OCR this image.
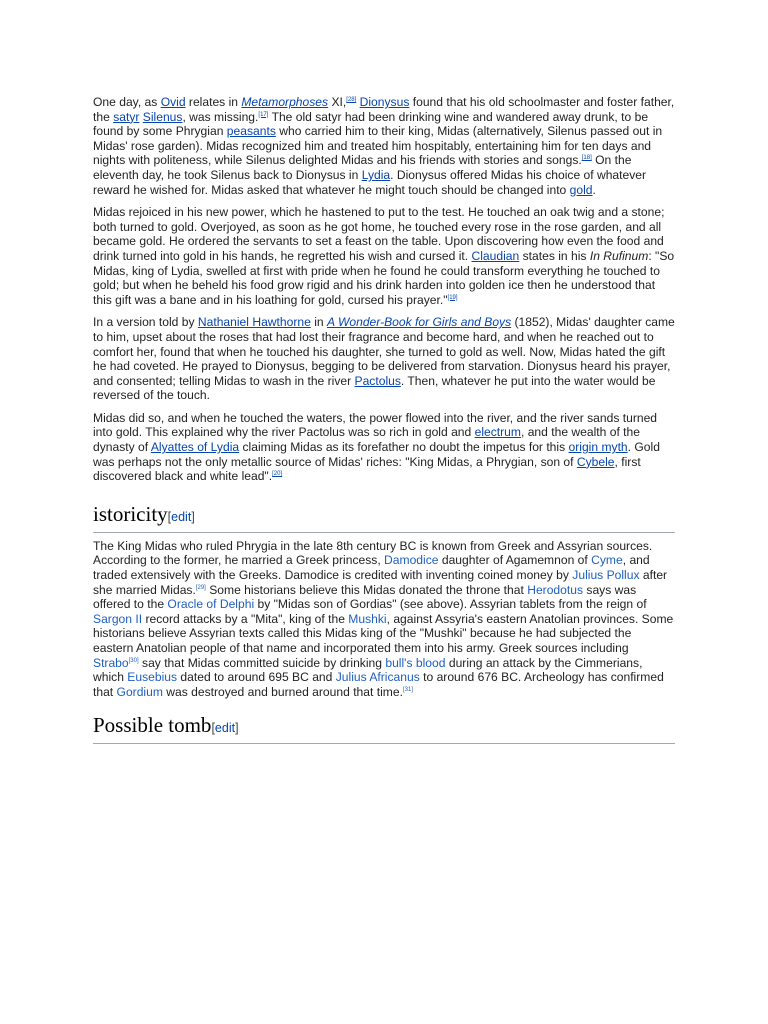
One day, as Ovid relates in Metamorphoses XI,[28] Dionysus found that his old schoolmaster and foster father, the satyr Silenus, was missing.[17] The old satyr had been drinking wine and wandered away drunk, to be found by some Phrygian peasants who carried him to their king, Midas (alternatively, Silenus passed out in Midas' rose garden). Midas recognized him and treated him hospitably, entertaining him for ten days and nights with politeness, while Silenus delighted Midas and his friends with stories and songs.[18] On the eleventh day, he took Silenus back to Dionysus in Lydia. Dionysus offered Midas his choice of whatever reward he wished for. Midas asked that whatever he might touch should be changed into gold.

Midas rejoiced in his new power, which he hastened to put to the test. He touched an oak twig and a stone; both turned to gold. Overjoyed, as soon as he got home, he touched every rose in the rose garden, and all became gold. He ordered the servants to set a feast on the table. Upon discovering how even the food and drink turned into gold in his hands, he regretted his wish and cursed it. Claudian states in his In Rufinum: "So Midas, king of Lydia, swelled at first with pride when he found he could transform everything he touched to gold; but when he beheld his food grow rigid and his drink harden into golden ice then he understood that this gift was a bane and in his loathing for gold, cursed his prayer."[19]

In a version told by Nathaniel Hawthorne in A Wonder-Book for Girls and Boys (1852), Midas' daughter came to him, upset about the roses that had lost their fragrance and become hard, and when he reached out to comfort her, found that when he touched his daughter, she turned to gold as well. Now, Midas hated the gift he had coveted. He prayed to Dionysus, begging to be delivered from starvation. Dionysus heard his prayer, and consented; telling Midas to wash in the river Pactolus. Then, whatever he put into the water would be reversed of the touch.

Midas did so, and when he touched the waters, the power flowed into the river, and the river sands turned into gold. This explained why the river Pactolus was so rich in gold and electrum, and the wealth of the dynasty of Alyattes of Lydia claiming Midas as its forefather no doubt the impetus for this origin myth. Gold was perhaps not the only metallic source of Midas' riches: "King Midas, a Phrygian, son of Cybele, first discovered black and white lead".[20]

istoricity[edit]

The King Midas who ruled Phrygia in the late 8th century BC is known from Greek and Assyrian sources. According to the former, he married a Greek princess, Damodice daughter of Agamemnon of Cyme, and traded extensively with the Greeks. Damodice is credited with inventing coined money by Julius Pollux after she married Midas.[29] Some historians believe this Midas donated the throne that Herodotus says was offered to the Oracle of Delphi by "Midas son of Gordias" (see above). Assyrian tablets from the reign of Sargon II record attacks by a "Mita", king of the Mushki, against Assyria's eastern Anatolian provinces. Some historians believe Assyrian texts called this Midas king of the "Mushki" because he had subjected the eastern Anatolian people of that name and incorporated them into his army. Greek sources including Strabo[30] say that Midas committed suicide by drinking bull's blood during an attack by the Cimmerians, which Eusebius dated to around 695 BC and Julius Africanus to around 676 BC. Archeology has confirmed that Gordium was destroyed and burned around that time.[31]

Possible tomb[edit]
